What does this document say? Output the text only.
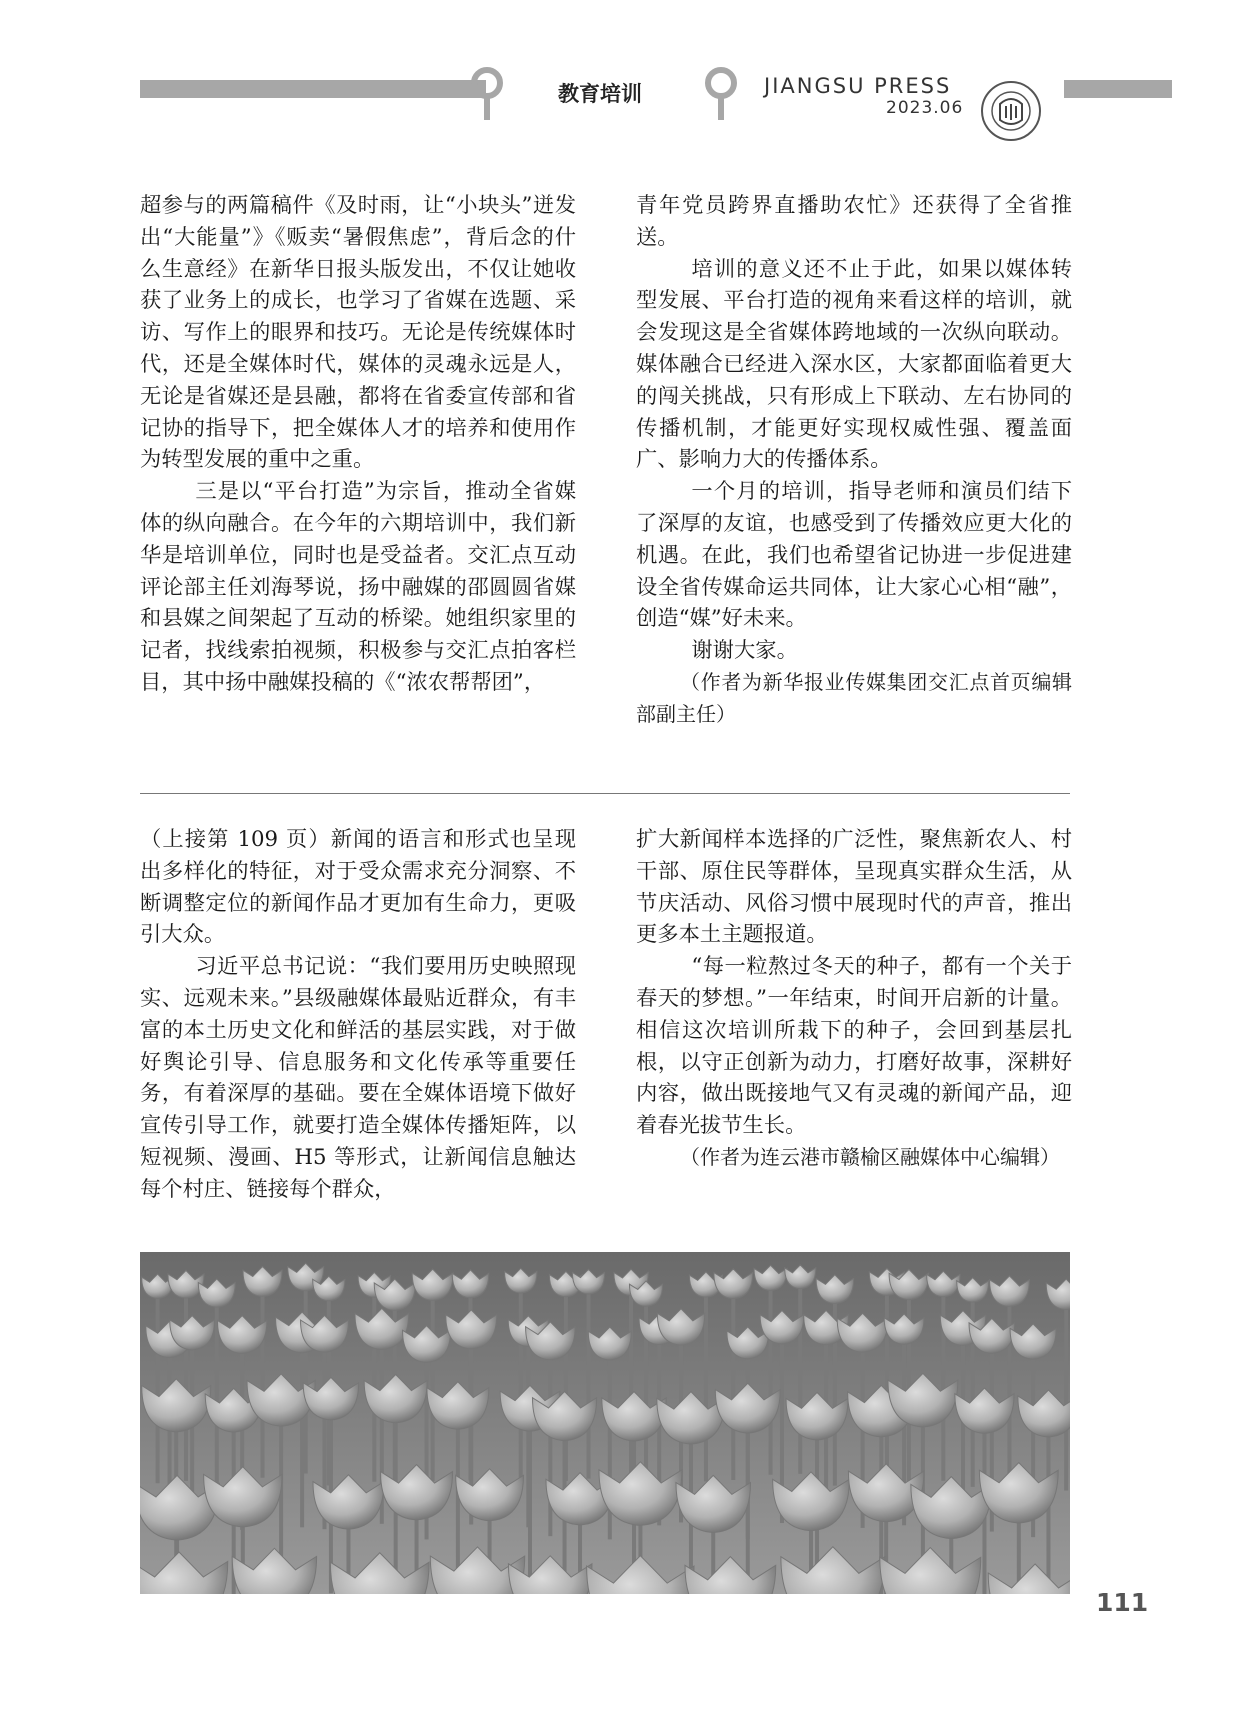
教育培训	JIANGSU PRESS
2023.06

超参与的两篇稿件《及时雨，让“小块头”迸发出“大能量”》《贩卖“暑假焦虑”，背后念的什么生意经》在新华日报头版发出，不仅让她收获了业务上的成长，也学习了省媒在选题、采访、写作上的眼界和技巧。无论是传统媒体时代，还是全媒体时代，媒体的灵魂永远是人，无论是省媒还是县融，都将在省委宣传部和省记协的指导下，把全媒体人才的培养和使用作为转型发展的重中之重。

三是以“平台打造”为宗旨，推动全省媒体的纵向融合。在今年的六期培训中，我们新华是培训单位，同时也是受益者。交汇点互动评论部主任刘海琴说，扬中融媒的邵圆圆省媒和县媒之间架起了互动的桥梁。她组织家里的记者，找线索拍视频，积极参与交汇点拍客栏目，其中扬中融媒投稿的《“浓农帮帮团”，

青年党员跨界直播助农忙》还获得了全省推送。

培训的意义还不止于此，如果以媒体转型发展、平台打造的视角来看这样的培训，就会发现这是全省媒体跨地域的一次纵向联动。媒体融合已经进入深水区，大家都面临着更大的闯关挑战，只有形成上下联动、左右协同的传播机制，才能更好实现权威性强、覆盖面广、影响力大的传播体系。

一个月的培训，指导老师和演员们结下了深厚的友谊，也感受到了传播效应更大化的机遇。在此，我们也希望省记协进一步促进建设全省传媒命运共同体，让大家心心相“融”，创造“媒”好未来。

谢谢大家。

（作者为新华报业传媒集团交汇点首页编辑部副主任）

（上接第 109 页）新闻的语言和形式也呈现出多样化的特征，对于受众需求充分洞察、不断调整定位的新闻作品才更加有生命力，更吸引大众。

习近平总书记说：“我们要用历史映照现实、远观未来。”县级融媒体最贴近群众，有丰富的本土历史文化和鲜活的基层实践，对于做好舆论引导、信息服务和文化传承等重要任务，有着深厚的基础。要在全媒体语境下做好宣传引导工作，就要打造全媒体传播矩阵，以短视频、漫画、H5 等形式，让新闻信息触达每个村庄、链接每个群众，

扩大新闻样本选择的广泛性，聚焦新农人、村干部、原住民等群体，呈现真实群众生活，从节庆活动、风俗习惯中展现时代的声音，推出更多本土主题报道。

“每一粒熬过冬天的种子，都有一个关于春天的梦想。”一年结束，时间开启新的计量。相信这次培训所栽下的种子，会回到基层扎根，以守正创新为动力，打磨好故事，深耕好内容，做出既接地气又有灵魂的新闻产品，迎着春光拔节生长。

（作者为连云港市赣榆区融媒体中心编辑）

111
